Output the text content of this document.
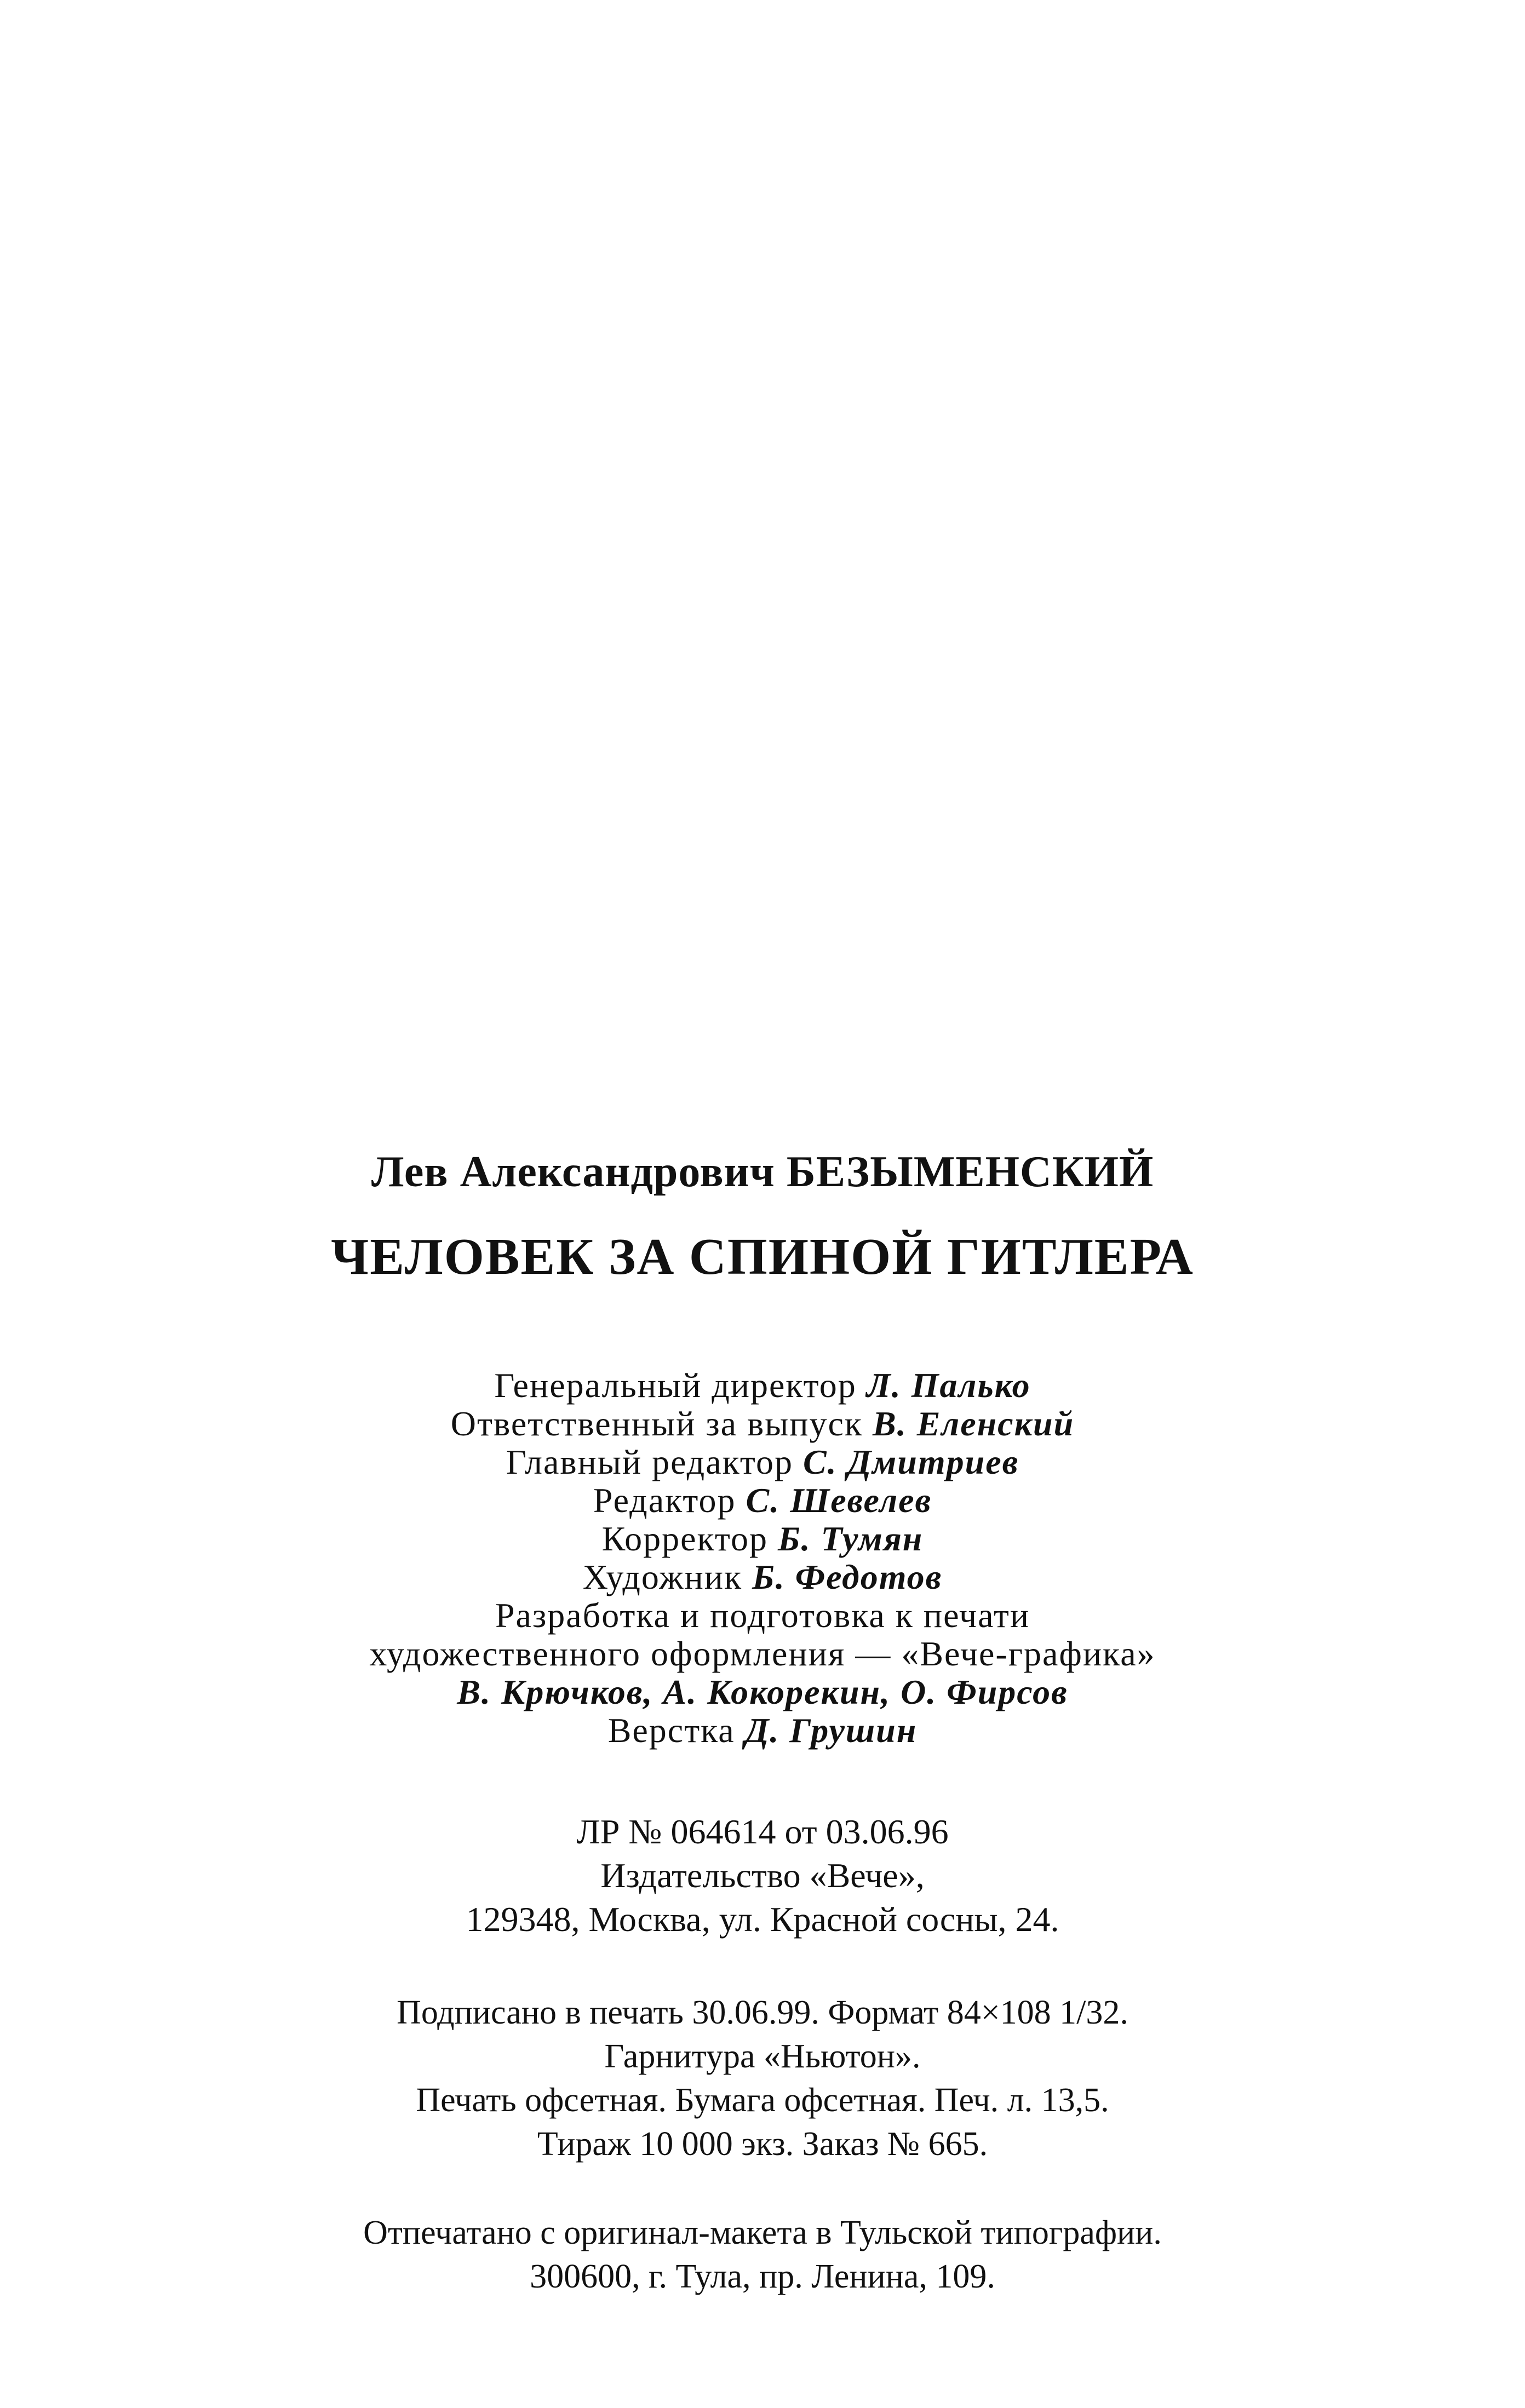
Лев Александрович БЕЗЫМЕНСКИЙ
ЧЕЛОВЕК ЗА СПИНОЙ ГИТЛЕРА
Генеральный директор Л. Палько
Ответственный за выпуск В. Еленский
Главный редактор С. Дмитриев
Редактор С. Шевелев
Корректор Б. Тумян
Художник Б. Федотов
Разработка и подготовка к печати
художественного оформления — «Вече-графика»
В. Крючков, А. Кокорекин, О. Фирсов
Верстка Д. Грушин
ЛР № 064614 от 03.06.96
Издательство «Вече»,
129348, Москва, ул. Красной сосны, 24.
Подписано в печать 30.06.99. Формат 84×108 1/32.
Гарнитура «Ньютон».
Печать офсетная. Бумага офсетная. Печ. л. 13,5.
Тираж 10 000 экз. Заказ № 665.
Отпечатано с оригинал-макета в Тульской типографии.
300600, г. Тула, пр. Ленина, 109.
